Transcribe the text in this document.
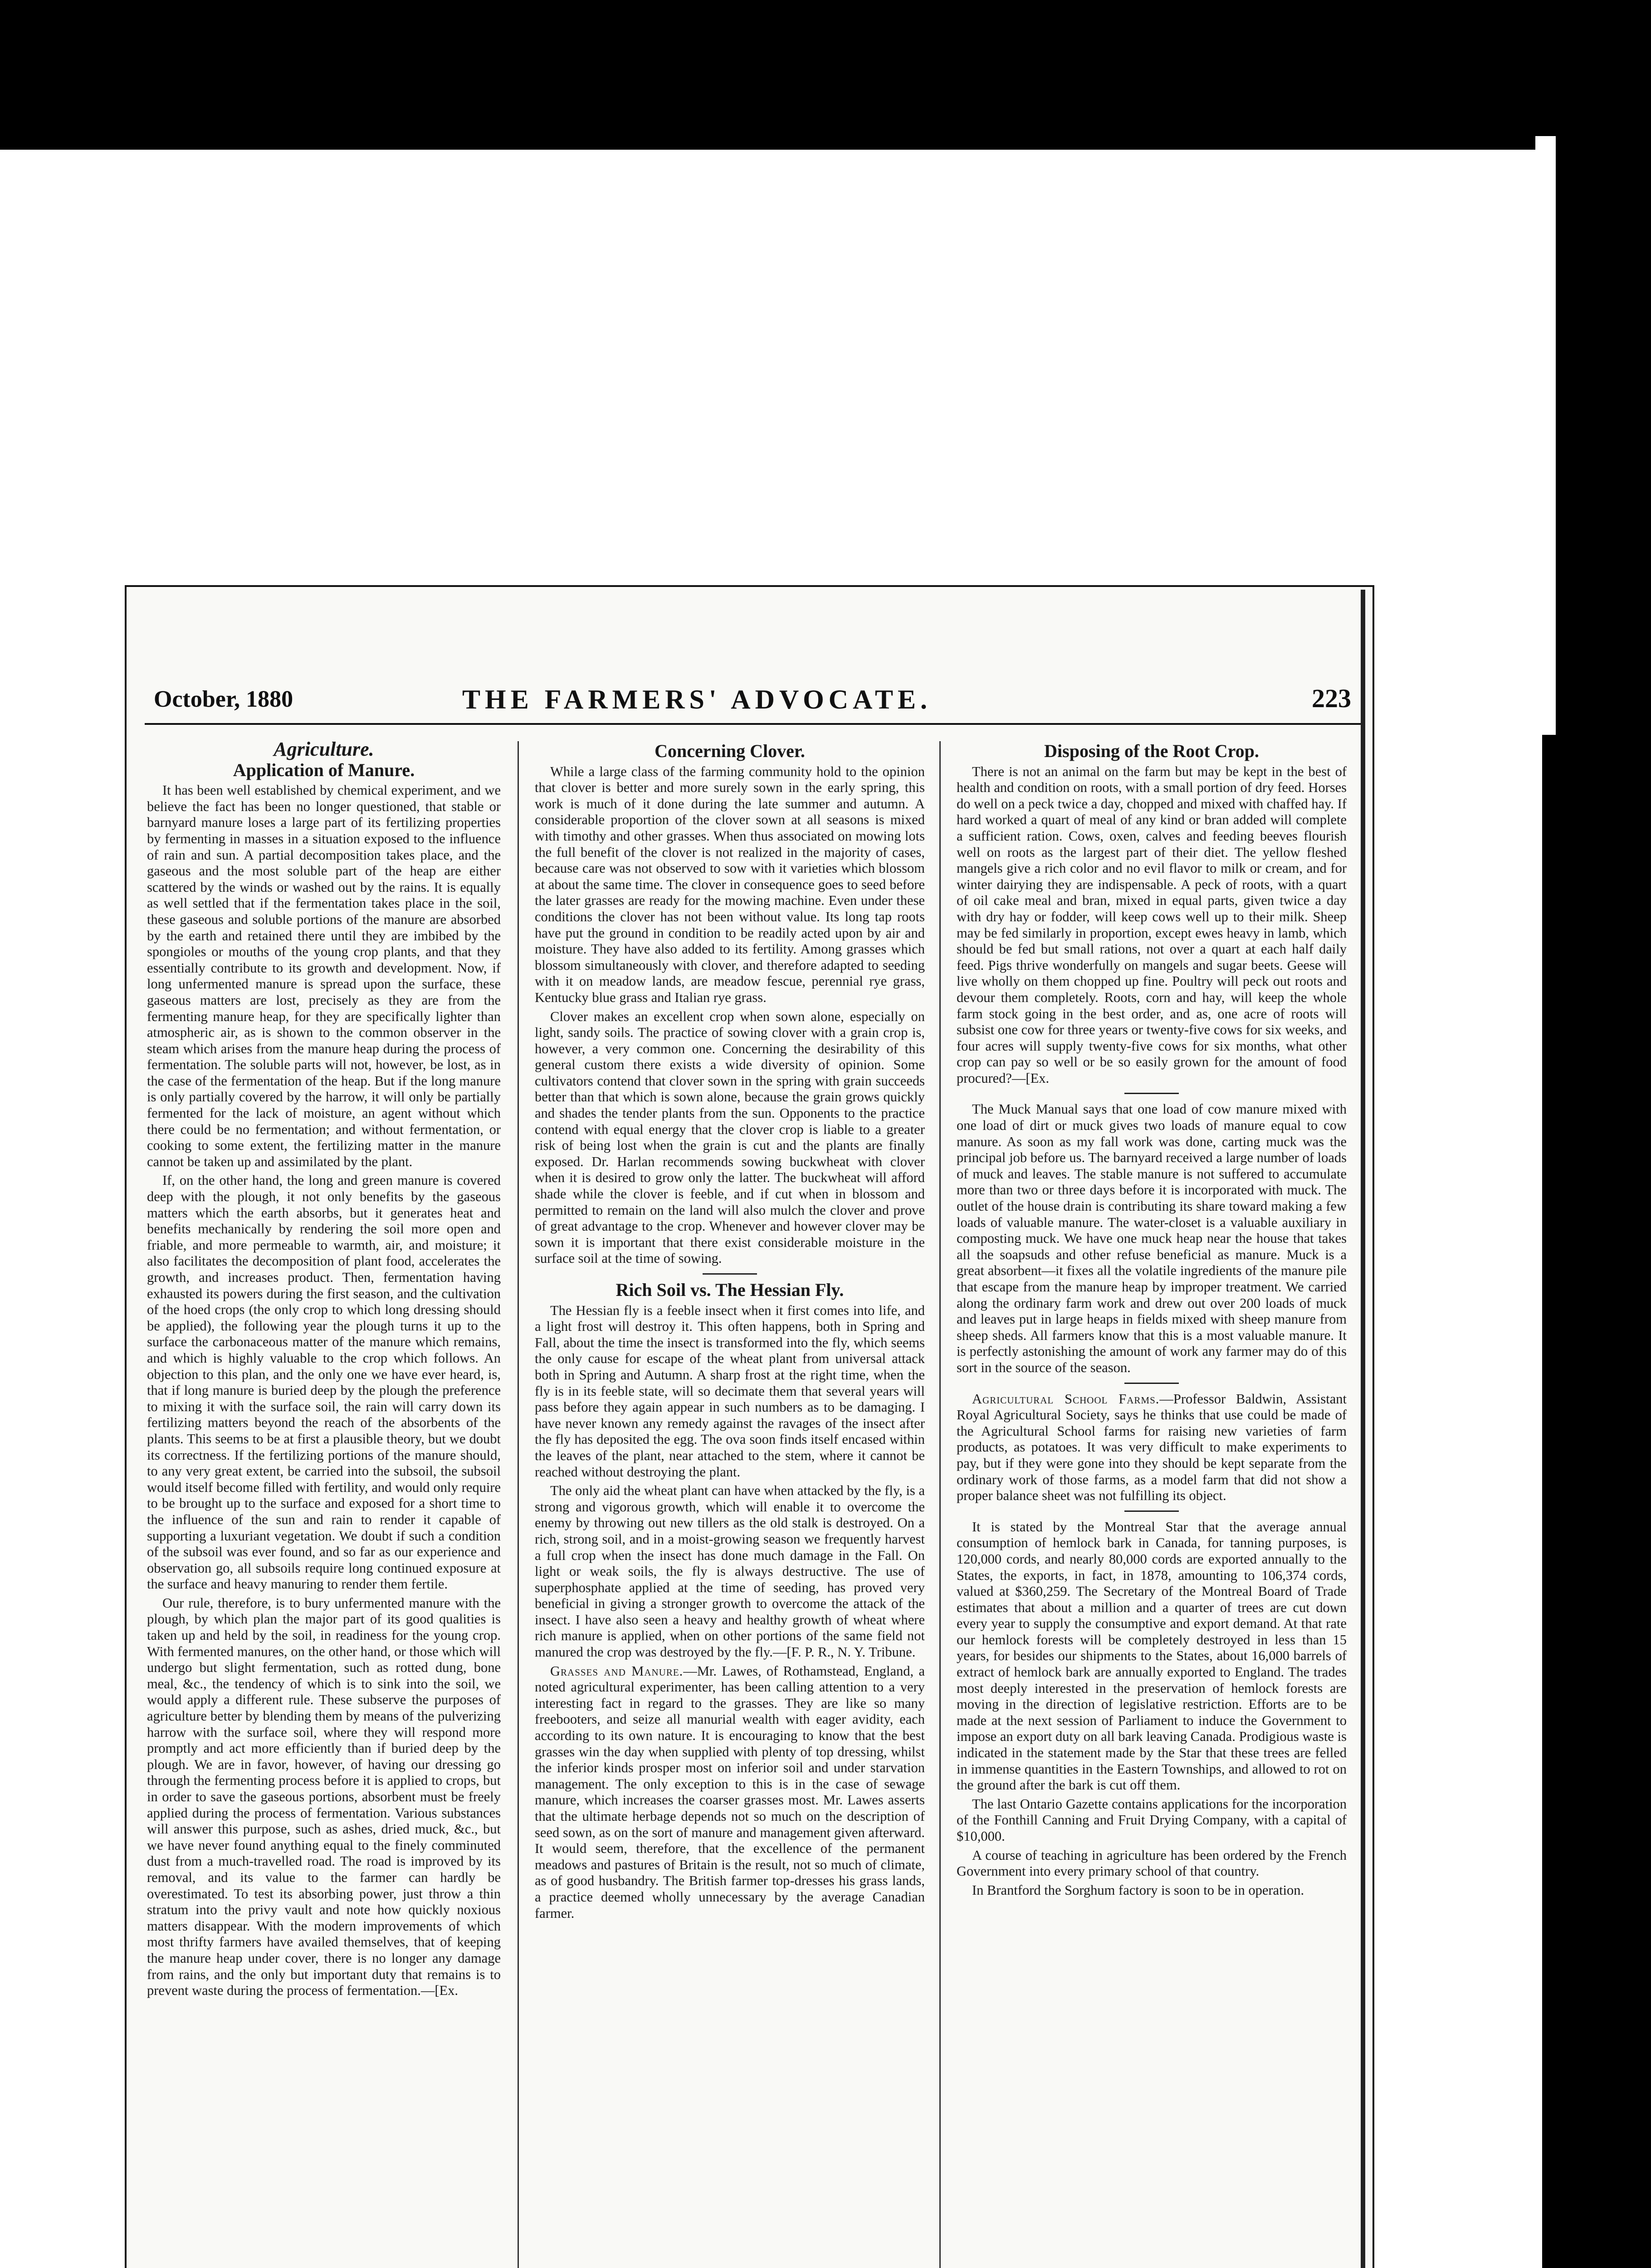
October, 1880	THE FARMERS' ADVOCATE.	223
Agriculture.
Application of Manure.

It has been well established by chemical experiment, and we believe the fact has been no longer questioned, that stable or barnyard manure loses a large part of its fertilizing properties by fermenting in masses in a situation exposed to the influence of rain and sun. A partial decomposition takes place, and the gaseous and the most soluble part of the heap are either scattered by the winds or washed out by the rains. It is equally as well settled that if the fermentation takes place in the soil, these gaseous and soluble portions of the manure are absorbed by the earth and retained there until they are imbibed by the spongioles or mouths of the young crop plants, and that they essentially contribute to its growth and development. Now, if long unfermented manure is spread upon the surface, these gaseous matters are lost, precisely as they are from the fermenting manure heap, for they are specifically lighter than atmospheric air, as is shown to the common observer in the steam which arises from the manure heap during the process of fermentation. The soluble parts will not, however, be lost, as in the case of the fermentation of the heap. But if the long manure is only partially covered by the harrow, it will only be partially fermented for the lack of moisture, an agent without which there could be no fermentation; and without fermentation, or cooking to some extent, the fertilizing matter in the manure cannot be taken up and assimilated by the plant.

If, on the other hand, the long and green manure is covered deep with the plough, it not only benefits by the gaseous matters which the earth absorbs, but it generates heat and benefits mechanically by rendering the soil more open and friable, and more permeable to warmth, air, and moisture; it also facilitates the decomposition of plant food, accelerates the growth, and increases product. Then, fermentation having exhausted its powers during the first season, and the cultivation of the hoed crops (the only crop to which long dressing should be applied), the following year the plough turns it up to the surface the carbonaceous matter of the manure which remains, and which is highly valuable to the crop which follows. An objection to this plan, and the only one we have ever heard, is, that if long manure is buried deep by the plough the preference to mixing it with the surface soil, the rain will carry down its fertilizing matters beyond the reach of the absorbents of the plants. This seems to be at first a plausible theory, but we doubt its correctness. If the fertilizing portions of the manure should, to any very great extent, be carried into the subsoil, the subsoil would itself become filled with fertility, and would only require to be brought up to the surface and exposed for a short time to the influence of the sun and rain to render it capable of supporting a luxuriant vegetation. We doubt if such a condition of the subsoil was ever found, and so far as our experience and observation go, all subsoils require long continued exposure at the surface and heavy manuring to render them fertile.

Our rule, therefore, is to bury unfermented manure with the plough, by which plan the major part of its good qualities is taken up and held by the soil, in readiness for the young crop. With fermented manures, on the other hand, or those which will undergo but slight fermentation, such as rotted dung, bone meal, &c., the tendency of which is to sink into the soil, we would apply a different rule. These subserve the purposes of agriculture better by blending them by means of the pulverizing harrow with the surface soil, where they will respond more promptly and act more efficiently than if buried deep by the plough. We are in favor, however, of having our dressing go through the fermenting process before it is applied to crops, but in order to save the gaseous portions, absorbent must be freely applied during the process of fermentation. Various substances will answer this purpose, such as ashes, dried muck, &c., but we have never found anything equal to the finely comminuted dust from a much-travelled road. The road is improved by its removal, and its value to the farmer can hardly be overestimated. To test its absorbing power, just throw a thin stratum into the privy vault and note how quickly noxious matters disappear. With the modern improvements of which most thrifty farmers have availed themselves, that of keeping the manure heap under cover, there is no longer any damage from rains, and the only but important duty that remains is to prevent waste during the process of fermentation.—[Ex.

Concerning Clover.

While a large class of the farming community hold to the opinion that clover is better and more surely sown in the early spring, this work is much of it done during the late summer and autumn. A considerable proportion of the clover sown at all seasons is mixed with timothy and other grasses. When thus associated on mowing lots the full benefit of the clover is not realized in the majority of cases, because care was not observed to sow with it varieties which blossom at about the same time. The clover in consequence goes to seed before the later grasses are ready for the mowing machine. Even under these conditions the clover has not been without value. Its long tap roots have put the ground in condition to be readily acted upon by air and moisture. They have also added to its fertility. Among grasses which blossom simultaneously with clover, and therefore adapted to seeding with it on meadow lands, are meadow fescue, perennial rye grass, Kentucky blue grass and Italian rye grass.

Clover makes an excellent crop when sown alone, especially on light, sandy soils. The practice of sowing clover with a grain crop is, however, a very common one. Concerning the desirability of this general custom there exists a wide diversity of opinion. Some cultivators contend that clover sown in the spring with grain succeeds better than that which is sown alone, because the grain grows quickly and shades the tender plants from the sun. Opponents to the practice contend with equal energy that the clover crop is liable to a greater risk of being lost when the grain is cut and the plants are finally exposed. Dr. Harlan recommends sowing buckwheat with clover when it is desired to grow only the latter. The buckwheat will afford shade while the clover is feeble, and if cut when in blossom and permitted to remain on the land will also mulch the clover and prove of great advantage to the crop. Whenever and however clover may be sown it is important that there exist considerable moisture in the surface soil at the time of sowing.

Rich Soil vs. The Hessian Fly.

The Hessian fly is a feeble insect when it first comes into life, and a light frost will destroy it. This often happens, both in Spring and Fall, about the time the insect is transformed into the fly, which seems the only cause for escape of the wheat plant from universal attack both in Spring and Autumn. A sharp frost at the right time, when the fly is in its feeble state, will so decimate them that several years will pass before they again appear in such numbers as to be damaging. I have never known any remedy against the ravages of the insect after the fly has deposited the egg. The ova soon finds itself encased within the leaves of the plant, near attached to the stem, where it cannot be reached without destroying the plant.

The only aid the wheat plant can have when attacked by the fly, is a strong and vigorous growth, which will enable it to overcome the enemy by throwing out new tillers as the old stalk is destroyed. On a rich, strong soil, and in a moist-growing season we frequently harvest a full crop when the insect has done much damage in the Fall. On light or weak soils, the fly is always destructive. The use of superphosphate applied at the time of seeding, has proved very beneficial in giving a stronger growth to overcome the attack of the insect. I have also seen a heavy and healthy growth of wheat where rich manure is applied, when on other portions of the same field not manured the crop was destroyed by the fly.—[F. P. R., N. Y. Tribune.

Grasses and Manure.—Mr. Lawes, of Rothamstead, England, a noted agricultural experimenter, has been calling attention to a very interesting fact in regard to the grasses. They are like so many freebooters, and seize all manurial wealth with eager avidity, each according to its own nature. It is encouraging to know that the best grasses win the day when supplied with plenty of top dressing, whilst the inferior kinds prosper most on inferior soil and under starvation management. The only exception to this is in the case of sewage manure, which increases the coarser grasses most. Mr. Lawes asserts that the ultimate herbage depends not so much on the description of seed sown, as on the sort of manure and management given afterward. It would seem, therefore, that the excellence of the permanent meadows and pastures of Britain is the result, not so much of climate, as of good husbandry. The British farmer top-dresses his grass lands, a practice deemed wholly unnecessary by the average Canadian farmer.

Disposing of the Root Crop.

There is not an animal on the farm but may be kept in the best of health and condition on roots, with a small portion of dry feed. Horses do well on a peck twice a day, chopped and mixed with chaffed hay. If hard worked a quart of meal of any kind or bran added will complete a sufficient ration. Cows, oxen, calves and feeding beeves flourish well on roots as the largest part of their diet. The yellow fleshed mangels give a rich color and no evil flavor to milk or cream, and for winter dairying they are indispensable. A peck of roots, with a quart of oil cake meal and bran, mixed in equal parts, given twice a day with dry hay or fodder, will keep cows well up to their milk. Sheep may be fed similarly in proportion, except ewes heavy in lamb, which should be fed but small rations, not over a quart at each half daily feed. Pigs thrive wonderfully on mangels and sugar beets. Geese will live wholly on them chopped up fine. Poultry will peck out roots and devour them completely. Roots, corn and hay, will keep the whole farm stock going in the best order, and as, one acre of roots will subsist one cow for three years or twenty-five cows for six weeks, and four acres will supply twenty-five cows for six months, what other crop can pay so well or be so easily grown for the amount of food procured?—[Ex.

The Muck Manual says that one load of cow manure mixed with one load of dirt or muck gives two loads of manure equal to cow manure. As soon as my fall work was done, carting muck was the principal job before us. The barnyard received a large number of loads of muck and leaves. The stable manure is not suffered to accumulate more than two or three days before it is incorporated with muck. The outlet of the house drain is contributing its share toward making a few loads of valuable manure. The water-closet is a valuable auxiliary in composting muck. We have one muck heap near the house that takes all the soapsuds and other refuse beneficial as manure. Muck is a great absorbent—it fixes all the volatile ingredients of the manure pile that escape from the manure heap by improper treatment. We carried along the ordinary farm work and drew out over 200 loads of muck and leaves put in large heaps in fields mixed with sheep manure from sheep sheds. All farmers know that this is a most valuable manure. It is perfectly astonishing the amount of work any farmer may do of this sort in the source of the season.

Agricultural School Farms.—Professor Baldwin, Assistant Royal Agricultural Society, says he thinks that use could be made of the Agricultural School farms for raising new varieties of farm products, as potatoes. It was very difficult to make experiments to pay, but if they were gone into they should be kept separate from the ordinary work of those farms, as a model farm that did not show a proper balance sheet was not fulfilling its object.

It is stated by the Montreal Star that the average annual consumption of hemlock bark in Canada, for tanning purposes, is 120,000 cords, and nearly 80,000 cords are exported annually to the States, the exports, in fact, in 1878, amounting to 106,374 cords, valued at $360,259. The Secretary of the Montreal Board of Trade estimates that about a million and a quarter of trees are cut down every year to supply the consumptive and export demand. At that rate our hemlock forests will be completely destroyed in less than 15 years, for besides our shipments to the States, about 16,000 barrels of extract of hemlock bark are annually exported to England. The trades most deeply interested in the preservation of hemlock forests are moving in the direction of legislative restriction. Efforts are to be made at the next session of Parliament to induce the Government to impose an export duty on all bark leaving Canada. Prodigious waste is indicated in the statement made by the Star that these trees are felled in immense quantities in the Eastern Townships, and allowed to rot on the ground after the bark is cut off them.

The last Ontario Gazette contains applications for the incorporation of the Fonthill Canning and Fruit Drying Company, with a capital of $10,000.

A course of teaching in agriculture has been ordered by the French Government into every primary school of that country.

In Brantford the Sorghum factory is soon to be in operation.
